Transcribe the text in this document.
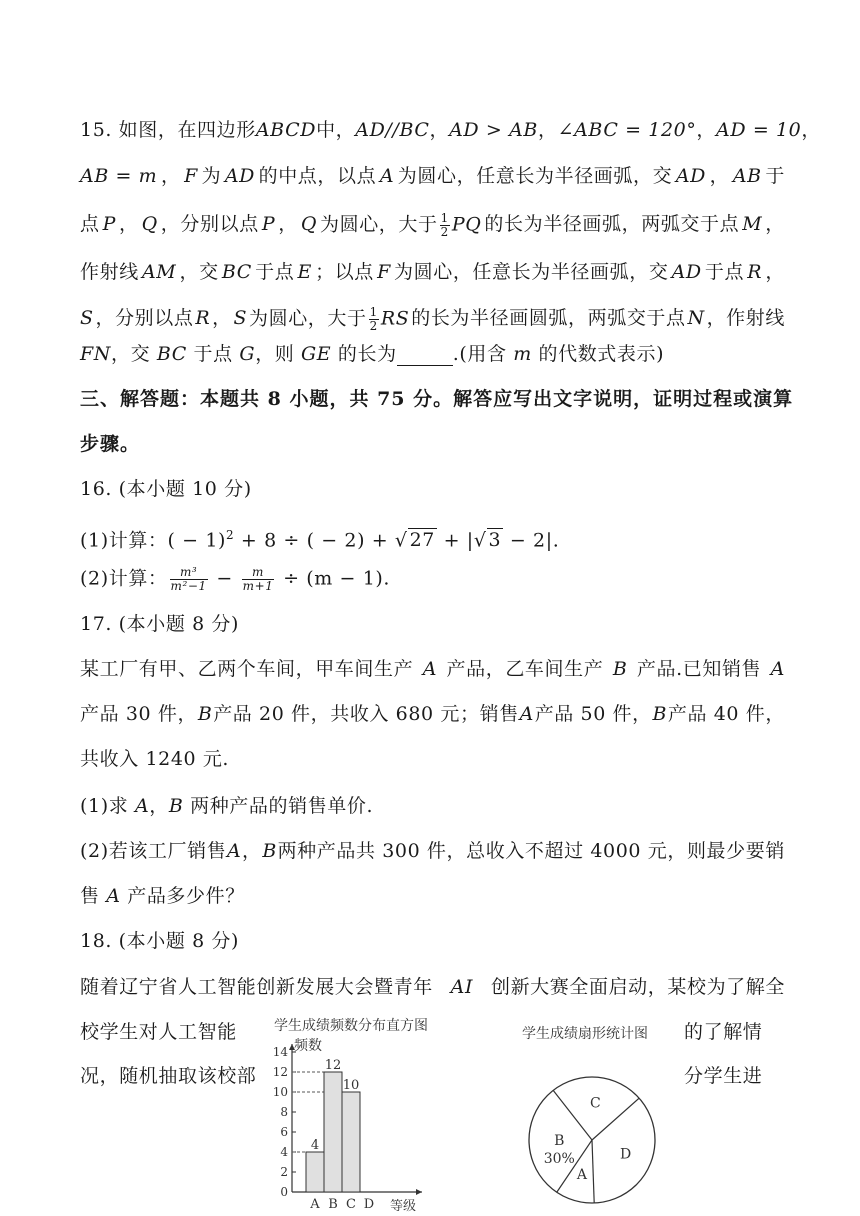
15. 如图，在四边形 ABCD 中， AD//BC ， AD > AB ， ∠ABC = 120° ， AD = 10 ，
AB = m ， F 为 AD 的中点，以点 A 为圆心，任意长为半径画弧，交 AD ， AB 于
点 P ， Q ，分别以点 P ， Q 为圆心，大于 $\frac{1}{2}$ PQ 的长为半径画弧，两弧交于点 M ，
作射线 AM ，交 BC 于点 E ；以点 F 为圆心，任意长为半径画弧，交 AD 于点 R ，
S ，分别以点 R ， S 为圆心，大于 $\frac{1}{2}$ RS 的长为半径画圆弧，两弧交于点 N ，作射线
FN，交 BC 于点 G，则 GE 的长为	.(用含 m 的代数式表示)
三、解答题：本题共 8 小题，共 75 分。解答应写出文字说明，证明过程或演算
步骤。
16. (本小题 10 分)
(1)计算：( − 1)$^2$ + 8 ÷ ( − 2) + √ 27 + |√ 3 − 2|.
(2)计算： $\frac{\text{m³}}{\text{m²−1}} - \frac{m}{m+1} \div (m - 1)$.
17. (本小题 8 分)
某工厂有甲、乙两个车间，甲车间生产 A 产品，乙车间生产 B 产品.已知销售 A
产品 30 件， B 产品 20 件，共收入 680 元；销售 A 产品 50 件， B 产品 40 件，
共收入 1240 元.
(1)求 A，B 两种产品的销售单价.
(2)若该工厂销售 A ， B 两种产品共 300 件，总收入不超过 4000 元，则最少要销
售 A 产品多少件？
18. (本小题 8 分)
随着辽宁省人工智能创新发展大会暨青年 AI 创新大赛全面启动，某校为了解全
校学生对人工智能	的了解情
况，随机抽取该校部	分学生进
学生成绩频数分布直方图
频数
等级
0
2
4
6
8
10
12
14
4
A
12
B
10
C D
学生成绩扇形统计图
B
30%
A
D
C
